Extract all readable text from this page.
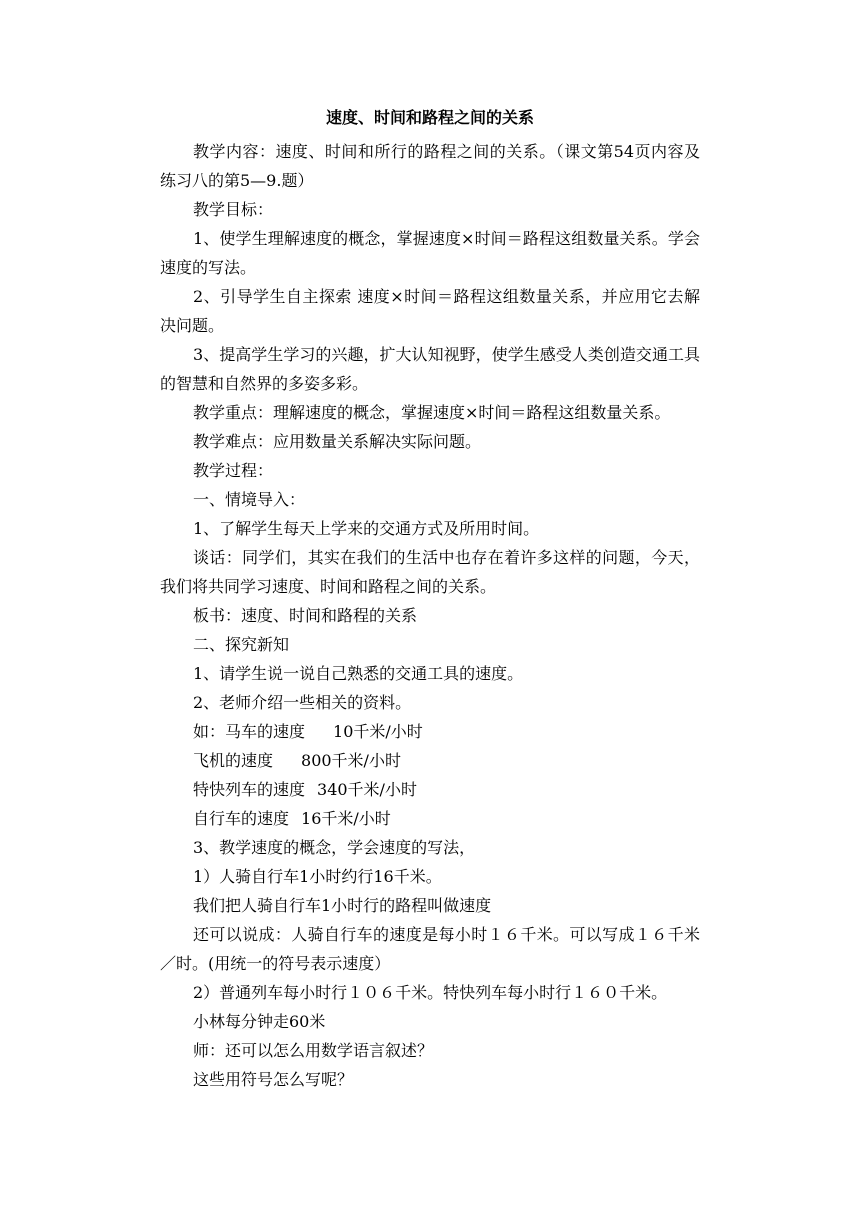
速度、时间和路程之间的关系

教学内容：速度、时间和所行的路程之间的关系。（课文第54页内容及练习八的第5—9.题）

教学目标：

1、使学生理解速度的概念，掌握速度×时间＝路程这组数量关系。学会速度的写法。

2、引导学生自主探索 速度×时间＝路程这组数量关系，并应用它去解决问题。

3、提高学生学习的兴趣，扩大认知视野，使学生感受人类创造交通工具的智慧和自然界的多姿多彩。

教学重点：理解速度的概念，掌握速度×时间＝路程这组数量关系。

教学难点：应用数量关系解决实际问题。

教学过程：

一、情境导入：

1、了解学生每天上学来的交通方式及所用时间。

谈话：同学们，其实在我们的生活中也存在着许多这样的问题，今天，我们将共同学习速度、时间和路程之间的关系。

板书：速度、时间和路程的关系

二、探究新知

1、请学生说一说自己熟悉的交通工具的速度。

2、老师介绍一些相关的资料。

如：马车的速度 10千米/小时
飞机的速度 800千米/小时
特快列车的速度 340千米/小时
自行车的速度 16千米/小时

3、教学速度的概念，学会速度的写法，

1）人骑自行车1小时约行16千米。

我们把人骑自行车1小时行的路程叫做速度

还可以说成：人骑自行车的速度是每小时１６千米。可以写成１６千米／时。(用统一的符号表示速度）

2）普通列车每小时行１０６千米。特快列车每小时行１６０千米。

小林每分钟走60米

师：还可以怎么用数学语言叙述？

这些用符号怎么写呢？
